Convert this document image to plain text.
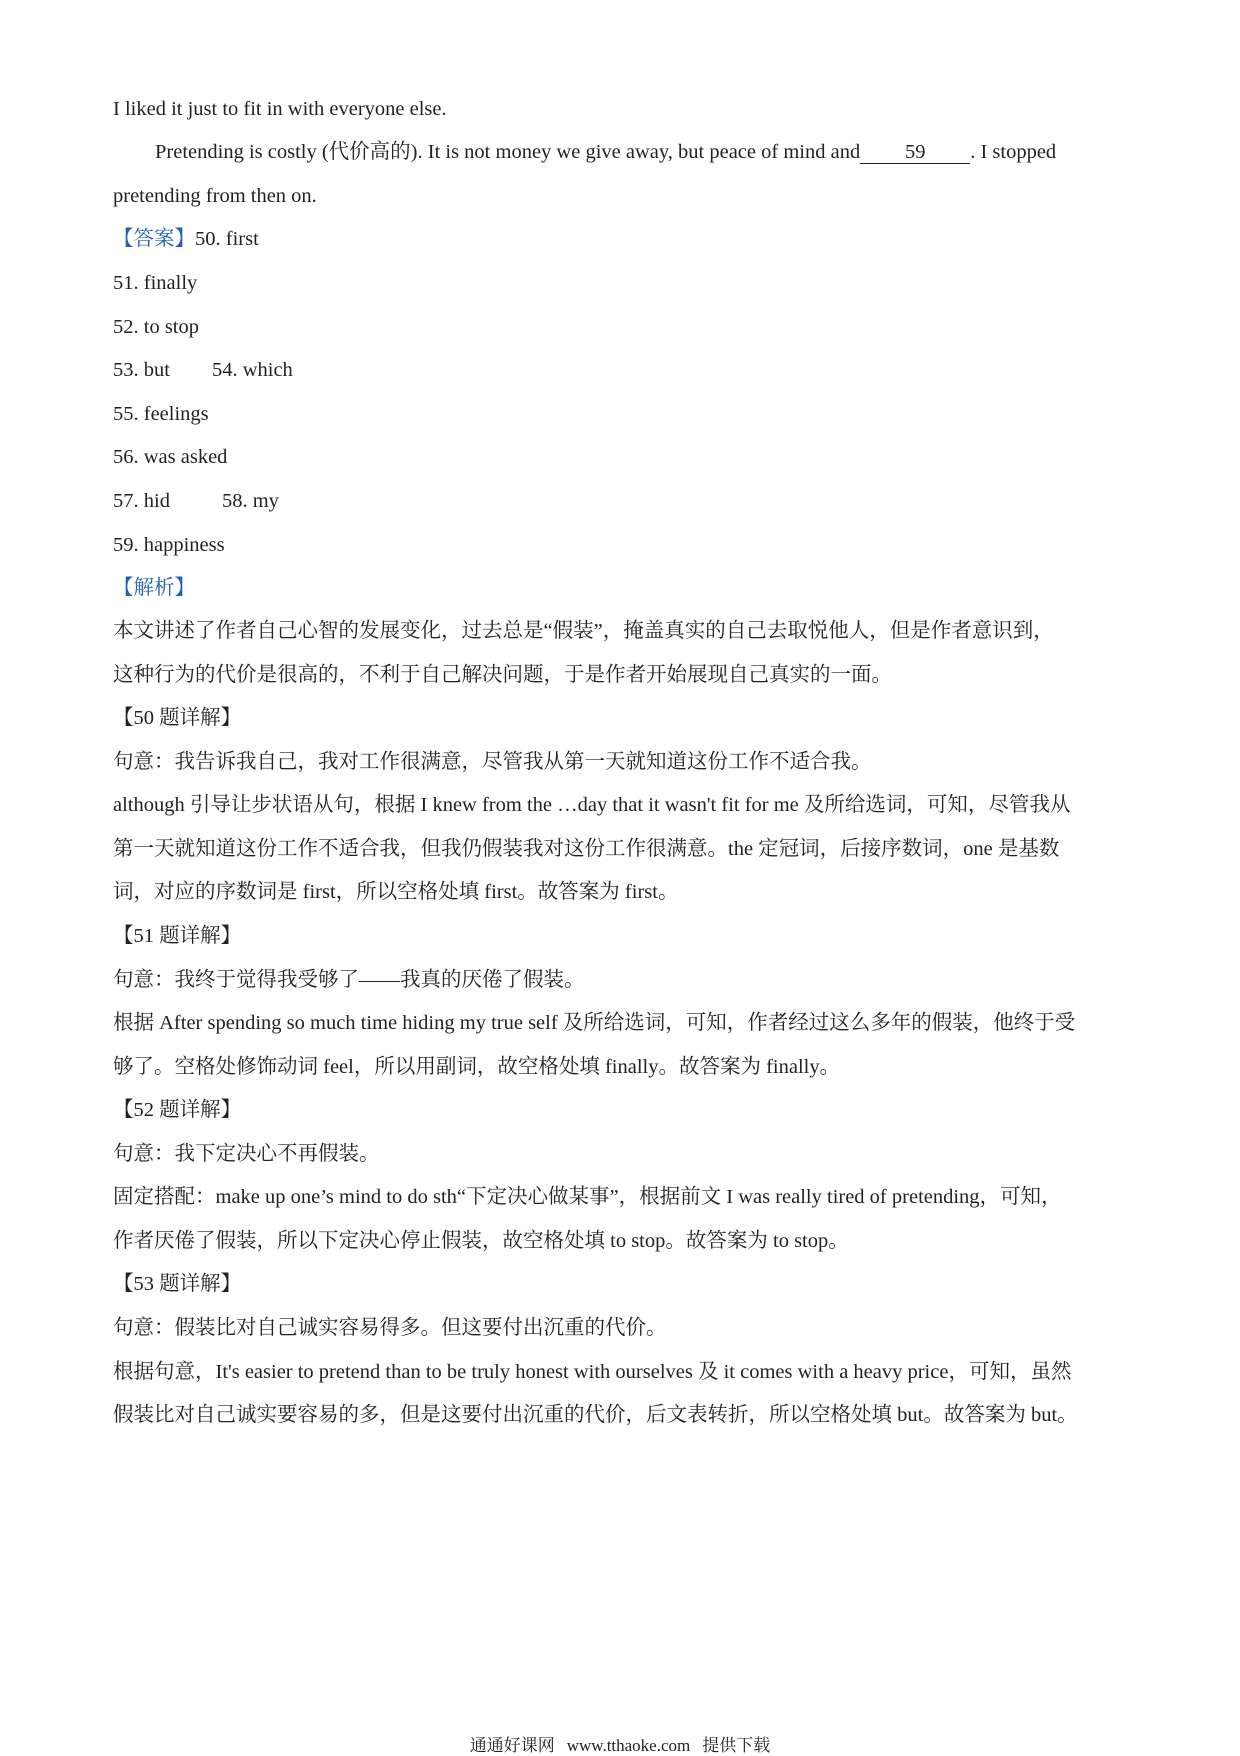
I liked it just to fit in with everyone else.
Pretending is costly (代价高的). It is not money we give away, but peace of mind and 59 . I stopped
pretending from then on.
【答案】50. first
51. finally
52. to stop
53. but 54. which
55. feelings
56. was asked
57. hid	58. my
59. happiness
【解析】
本文讲述了作者自己心智的发展变化，过去总是“假装”，掩盖真实的自己去取悦他人，但是作者意识到，
这种行为的代价是很高的，不利于自己解决问题，于是作者开始展现自己真实的一面。
【50 题详解】
句意：我告诉我自己，我对工作很满意，尽管我从第一天就知道这份工作不适合我。
although 引导让步状语从句，根据 I knew from the …day that it wasn't fit for me 及所给选词，可知，尽管我从
第一天就知道这份工作不适合我，但我仍假装我对这份工作很满意。the 定冠词，后接序数词，one 是基数
词，对应的序数词是 first，所以空格处填 first。故答案为 first。
【51 题详解】
句意：我终于觉得我受够了——我真的厌倦了假装。
根据 After spending so much time hiding my true self 及所给选词，可知，作者经过这么多年的假装，他终于受
够了。空格处修饰动词 feel，所以用副词，故空格处填 finally。故答案为 finally。
【52 题详解】
句意：我下定决心不再假装。
固定搭配：make up one’s mind to do sth“下定决心做某事”，根据前文 I was really tired of pretending，可知，
作者厌倦了假装，所以下定决心停止假装，故空格处填 to stop。故答案为 to stop。
【53 题详解】
句意：假装比对自己诚实容易得多。但这要付出沉重的代价。
根据句意，It's easier to pretend than to be truly honest with ourselves 及 it comes with a heavy price，可知，虽然
假装比对自己诚实要容易的多，但是这要付出沉重的代价，后文表转折，所以空格处填 but。故答案为 but。
通通好课网 www.tthaoke.com 提供下载
